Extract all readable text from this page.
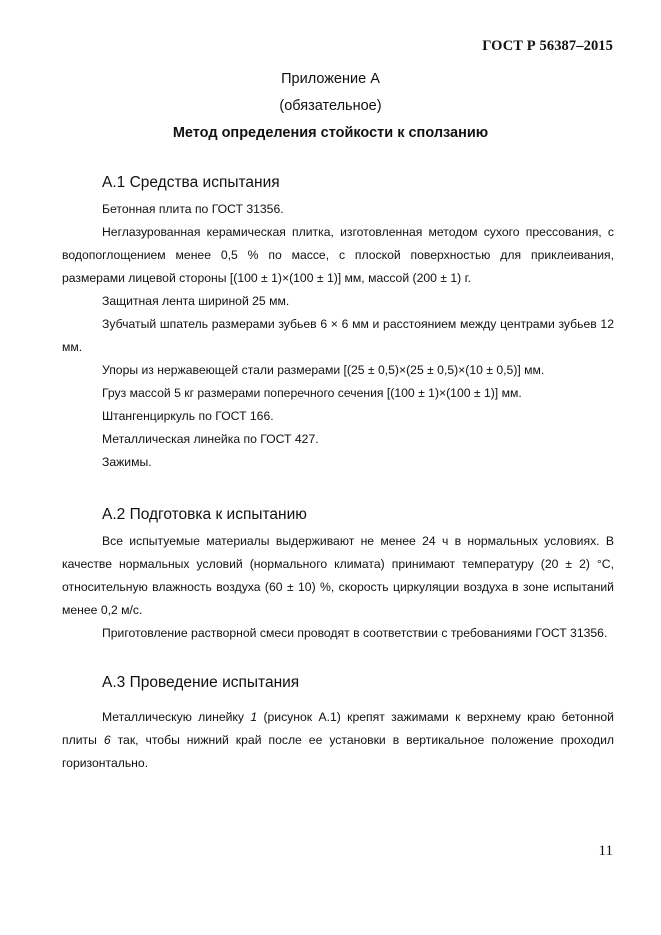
ГОСТ Р 56387–2015
Приложение А
(обязательное)
Метод определения стойкости к сползанию
А.1 Средства испытания
Бетонная плита по ГОСТ 31356.
Неглазурованная керамическая плитка, изготовленная методом сухого прессования, с водопоглощением менее 0,5 % по массе, с плоской поверхностью для приклеивания, размерами лицевой стороны [(100 ± 1)×(100 ± 1)] мм, массой (200 ± 1) г.
Защитная лента шириной 25 мм.
Зубчатый шпатель размерами зубьев 6 × 6 мм и расстоянием между центрами зубьев 12 мм.
Упоры из нержавеющей стали размерами [(25 ± 0,5)×(25 ± 0,5)×(10 ± 0,5)] мм.
Груз массой 5 кг размерами поперечного сечения [(100 ± 1)×(100 ± 1)] мм.
Штангенциркуль по ГОСТ 166.
Металлическая линейка по ГОСТ 427.
Зажимы.
А.2 Подготовка к испытанию
Все испытуемые материалы выдерживают не менее 24 ч в нормальных условиях. В качестве нормальных условий (нормального климата) принимают температуру (20 ± 2) °С, относительную влажность воздуха (60 ± 10) %, скорость циркуляции воздуха в зоне испытаний менее 0,2 м/с.
Приготовление растворной смеси проводят в соответствии с требованиями ГОСТ 31356.
А.3 Проведение испытания
Металлическую линейку 1 (рисунок А.1) крепят зажимами к верхнему краю бетонной плиты 6 так, чтобы нижний край после ее установки в вертикальное положение проходил горизонтально.
11
